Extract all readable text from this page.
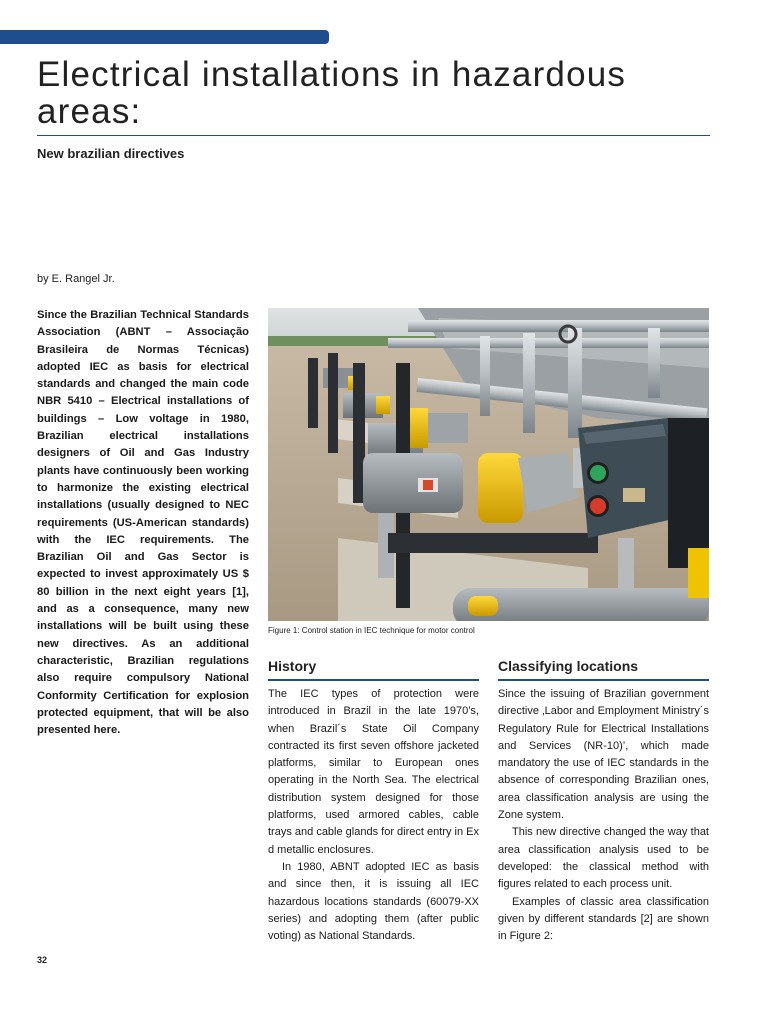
Electrical installations in hazardous areas:
New brazilian directives
by E. Rangel Jr.

Since the Brazilian Technical Standards Association (ABNT – Associação Brasileira de Normas Técnicas) adopted IEC as basis for electrical standards and changed the main code NBR 5410 – Electrical installations of buildings – Low voltage in 1980, Brazilian electrical installations designers of Oil and Gas Industry plants have continuously been working to harmonize the existing electrical installations (usually designed to NEC requirements (US-American standards) with the IEC requirements. The Brazilian Oil and Gas Sector is expected to invest approximately US $ 80 billion in the next eight years [1], and as a consequence, many new installations will be built using these new directives. As an additional characteristic, Brazilian regulations also require compulsory National Conformity Certification for explosion protected equipment, that will be also presented here.

Figure 1: Control station in IEC technique for motor control
History

The IEC types of protection were introduced in Brazil in the late 1970’s, when Brazil´s State Oil Company contracted its first seven offshore jacketed platforms, similar to European ones operating in the North Sea. The electrical distribution system designed for those platforms, used armored cables, cable trays and cable glands for direct entry in Ex d metallic enclosures.

In 1980, ABNT adopted IEC as basis and since then, it is issuing all IEC hazardous locations standards (60079-XX series) and adopting them (after public voting) as National Standards.

Classifying locations

Since the issuing of Brazilian government directive ‚Labor and Employment Ministry´s Regulatory Rule for Electrical Installations and Services (NR-10)’, which made mandatory the use of IEC standards in the absence of corresponding Brazilian ones, area classification analysis are using the Zone system.

This new directive changed the way that area classification analysis used to be developed: the classical method with figures related to each process unit.

Examples of classic area classification given by different standards [2] are shown in Figure 2:

32
